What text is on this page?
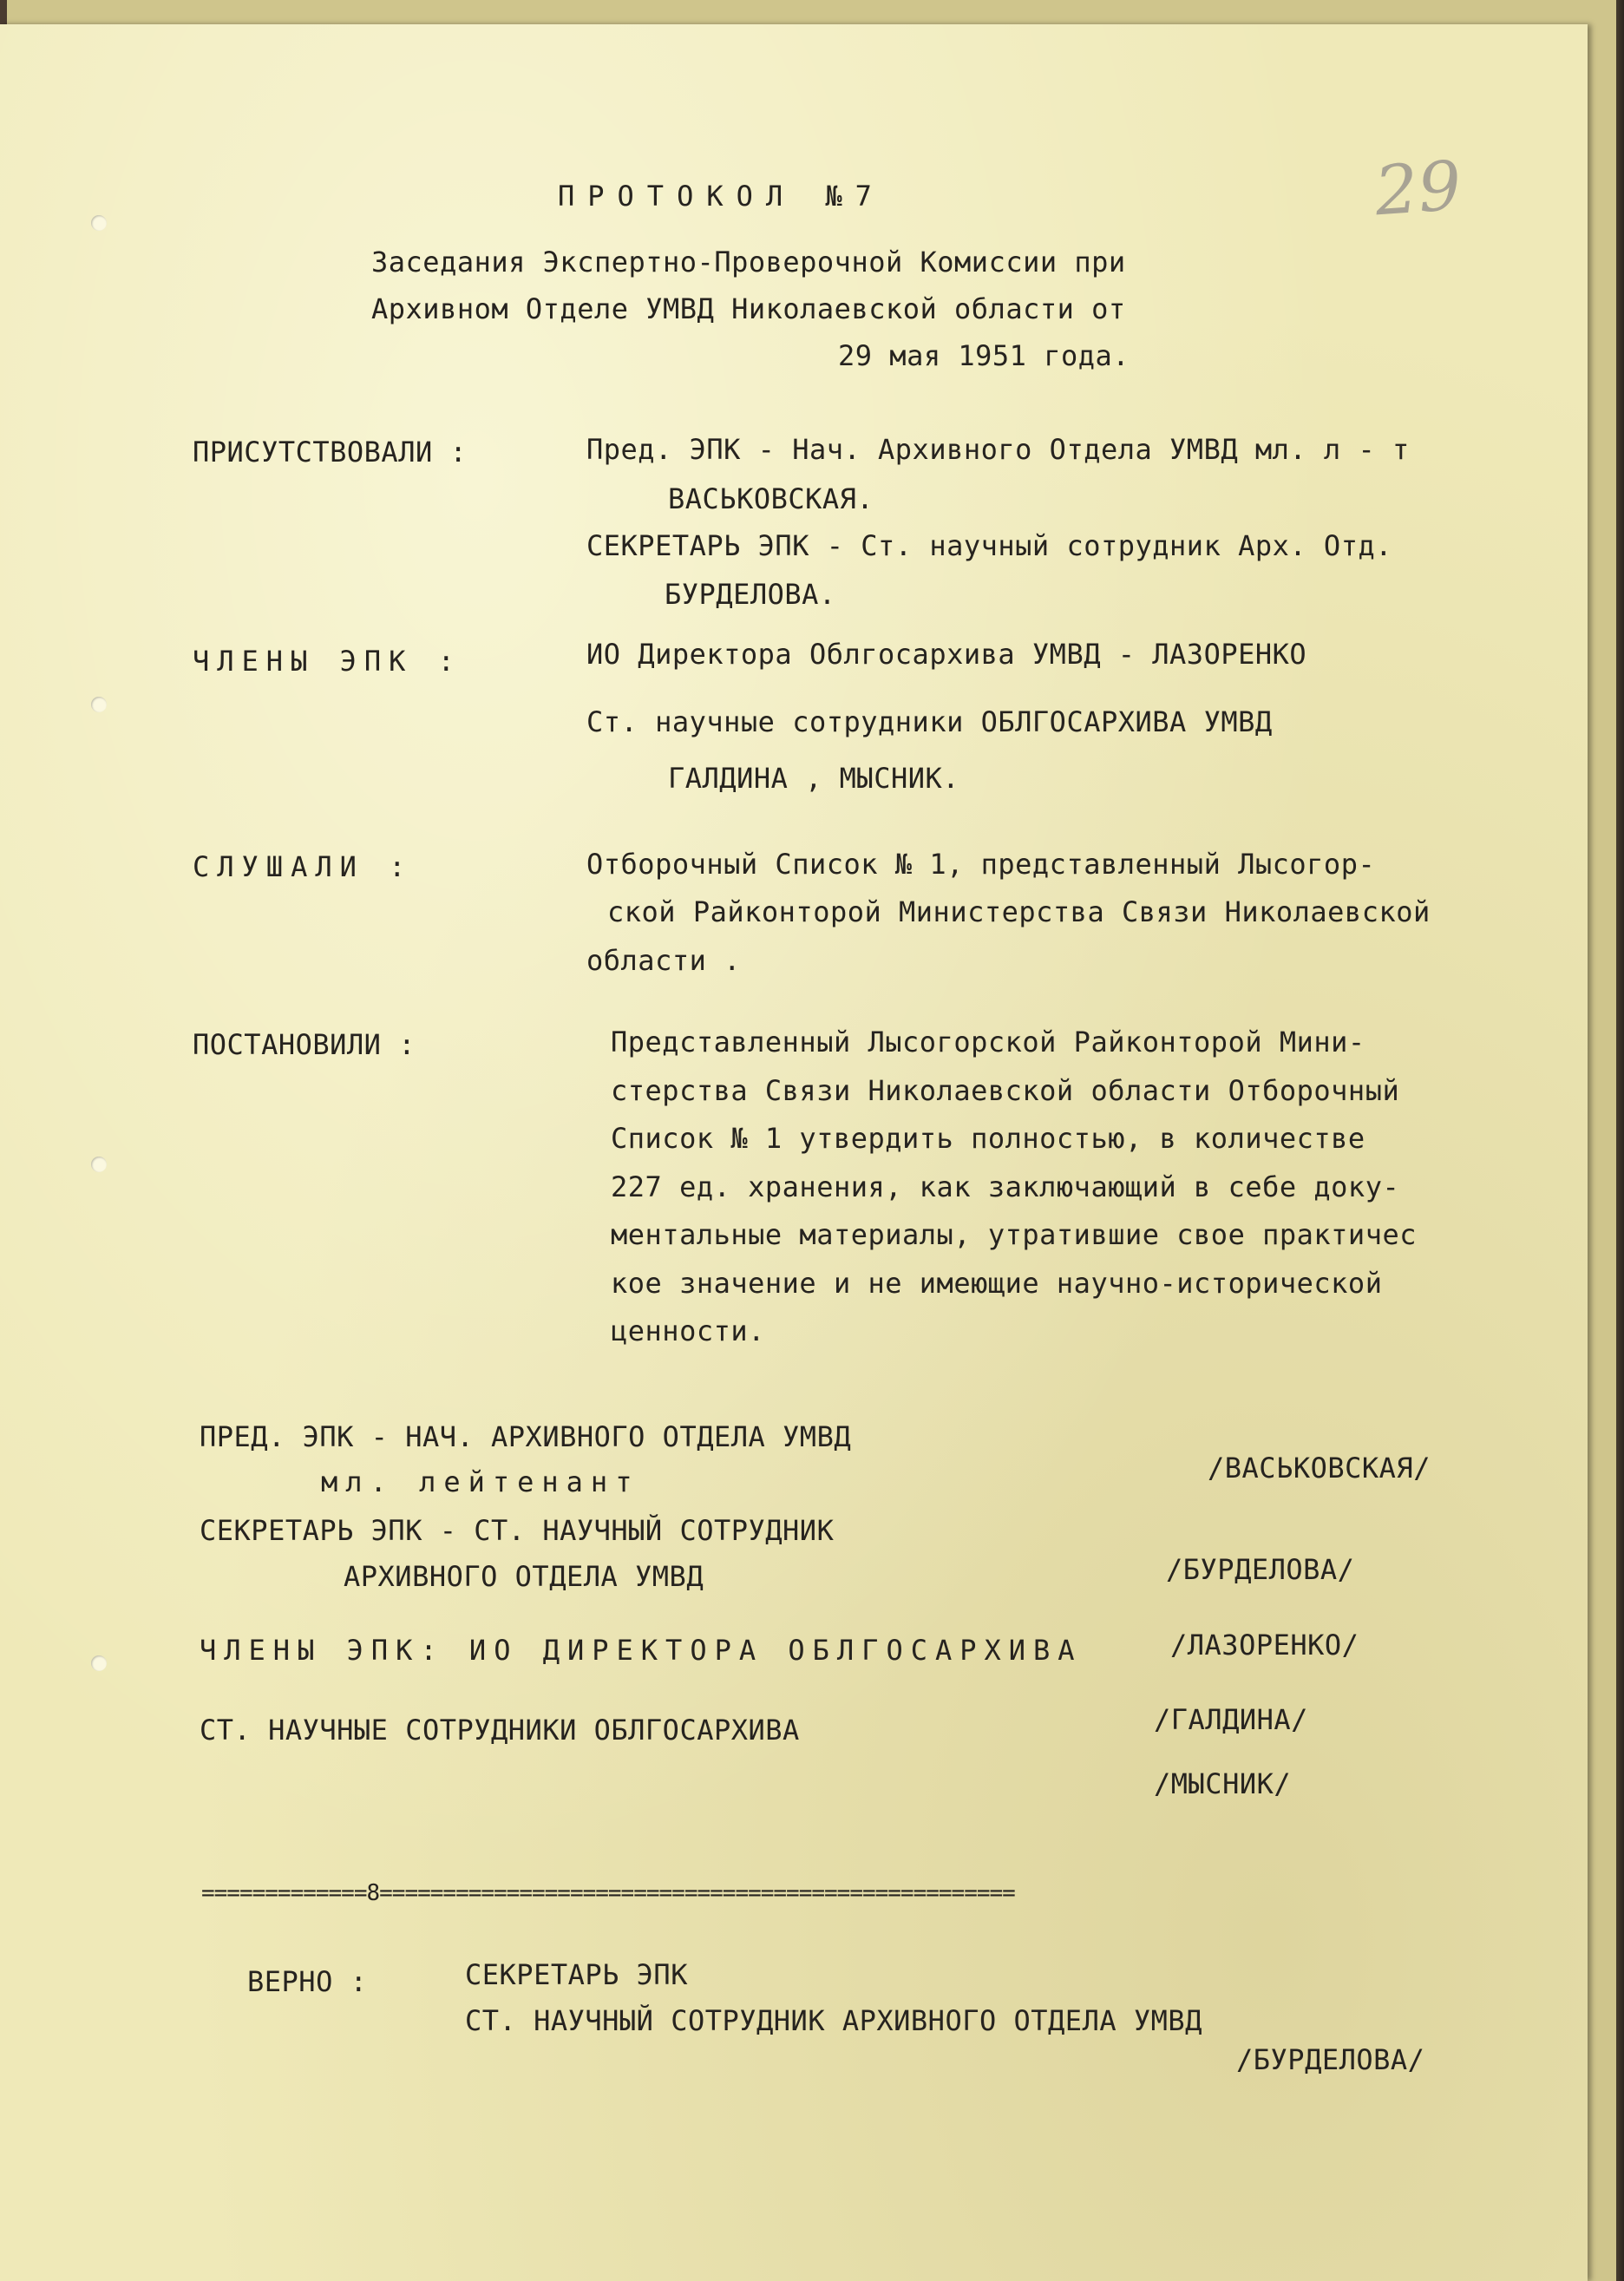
29
ПРОТОКОЛ №7
Заседания Экспертно-Проверочной Комиссии при
Архивном Отделе УМВД Николаевской области от
29 мая 1951 года.
ПРИСУТСТВОВАЛИ :	Пред. ЭПК - Нач. Архивного Отдела УМВД мл. л - т
ВАСЬКОВСКАЯ.
СЕКРЕТАРЬ ЭПК - Ст. научный сотрудник Арх. Отд.
БУРДЕЛОВА.
ЧЛЕНЫ ЭПК :	ИО Директора Облгосархива УМВД - ЛАЗОРЕНКО
Ст. научные сотрудники ОБЛГОСАРХИВА УМВД
ГАЛДИНА , МЫСНИК.
СЛУШАЛИ :	Отборочный Список № 1, представленный Лысогор-
ской Райконторой Министерства Связи Николаевской
области .
ПОСТАНОВИЛИ :	Представленный Лысогорской Райконторой Мини-
стерства Связи Николаевской области Отборочный
Список № 1 утвердить полностью, в количестве
227 ед. хранения, как заключающий в себе доку-
ментальные материалы, утратившие свое практичес
кое значение и не имеющие научно-исторической
ценности.
ПРЕД. ЭПК - НАЧ. АРХИВНОГО ОТДЕЛА УМВД
мл. лейтенант	/ВАСЬКОВСКАЯ/
СЕКРЕТАРЬ ЭПК - СТ. НАУЧНЫЙ СОТРУДНИК
АРХИВНОГО ОТДЕЛА УМВД	/БУРДЕЛОВА/
ЧЛЕНЫ ЭПК: ИО ДИРЕКТОРА ОБЛГОСАРХИВА	/ЛАЗОРЕНКО/
СТ. НАУЧНЫЕ СОТРУДНИКИ ОБЛГОСАРХИВА	/ГАЛДИНА/
/МЫСНИК/
=============8==================================================
ВЕРНО :	СЕКРЕТАРЬ ЭПК
СТ. НАУЧНЫЙ СОТРУДНИК АРХИВНОГО ОТДЕЛА УМВД
/БУРДЕЛОВА/
